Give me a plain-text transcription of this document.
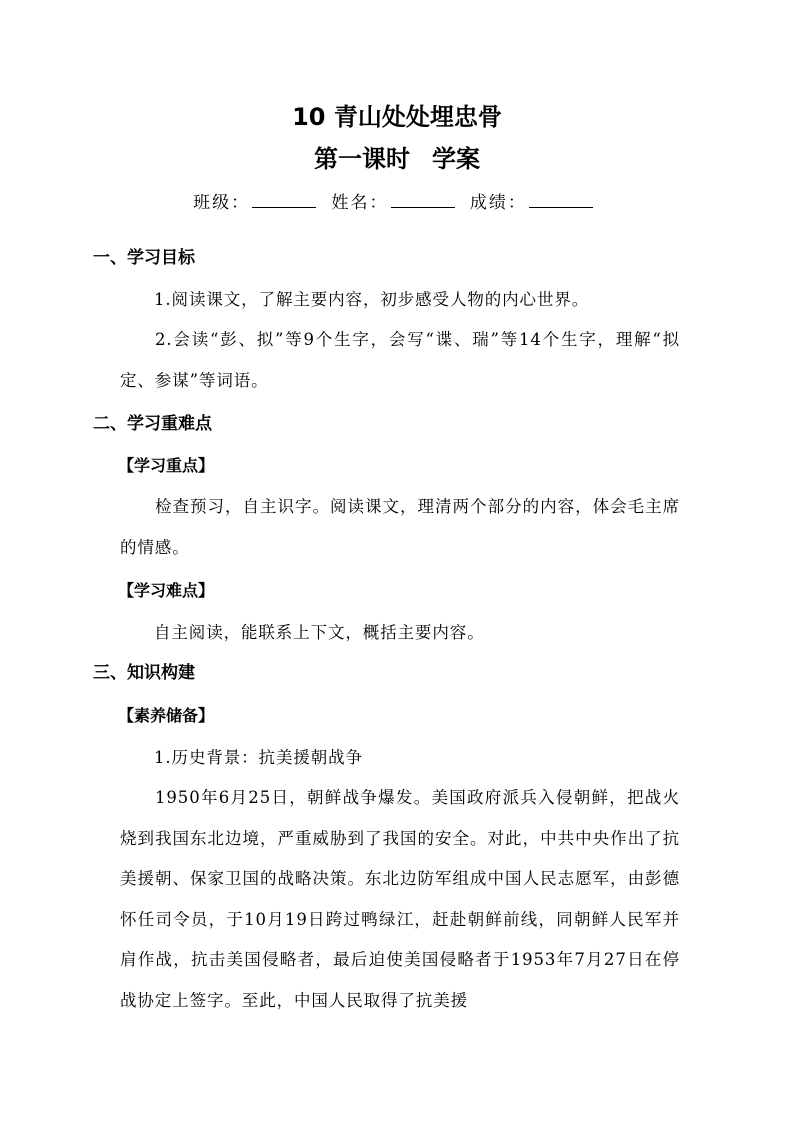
10 青山处处埋忠骨
第一课时 学案
班级：	姓名：	成绩：
一、学习目标
1.阅读课文，了解主要内容，初步感受人物的内心世界。
2.会读“彭、拟”等9个生字，会写“谍、瑞”等14个生字，理解“拟定、参谋”等词语。
二、学习重难点
【学习重点】
检查预习，自主识字。阅读课文，理清两个部分的内容，体会毛主席的情感。
【学习难点】
自主阅读，能联系上下文，概括主要内容。
三、知识构建
【素养储备】
1.历史背景：抗美援朝战争
1950年6月25日，朝鲜战争爆发。美国政府派兵入侵朝鲜，把战火烧到我国东北边境，严重威胁到了我国的安全。对此，中共中央作出了抗美援朝、保家卫国的战略决策。东北边防军组成中国人民志愿军，由彭德怀任司令员，于10月19日跨过鸭绿江，赶赴朝鲜前线，同朝鲜人民军并肩作战，抗击美国侵略者，最后迫使美国侵略者于1953年7月27日在停战协定上签字。至此，中国人民取得了抗美援
